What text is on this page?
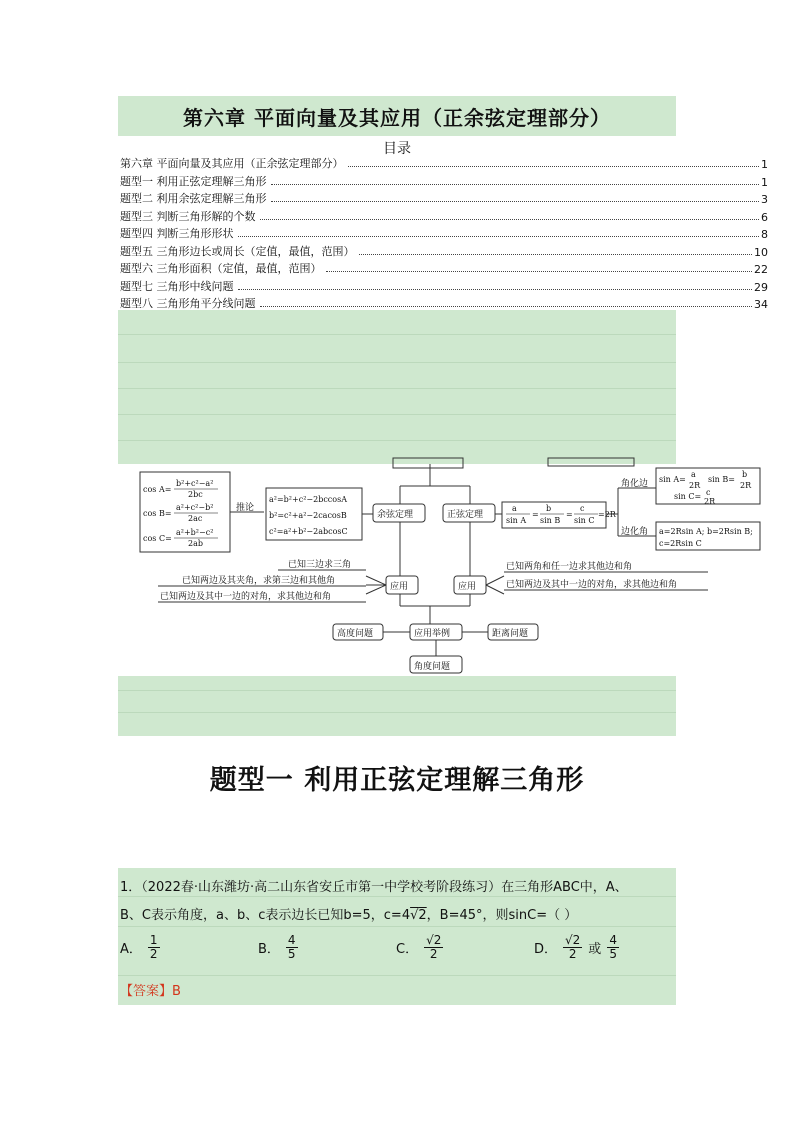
第六章 平面向量及其应用（正余弦定理部分）
目录
第六章 平面向量及其应用（正余弦定理部分）	1
题型一 利用正弦定理解三角形	1
题型二 利用余弦定理解三角形	3
题型三 判断三角形解的个数	6
题型四 判断三角形形状	8
题型五 三角形边长或周长（定值，最值，范围）	10
题型六 三角形面积（定值，最值，范围）	22
题型七 三角形中线问题	29
题型八 三角形角平分线问题	34
cos A=
b²+c²−a²
2bc
cos B=
a²+c²−b²
2ac
cos C=
a²+b²−c²
2ab
推论
a²=b²+c²−2bccosA
b²=c²+a²−2cacosB
c²=a²+b²−2abcosC
余弦定理	正弦定理
a
sin A
=
b
sin B
=
c
sin C
=2R
角化边
边化角
sin A=
a
2R
sin B=
b
2R
sin C= c
2R
a=2Rsin A; b=2Rsin B;
c=2Rsin C
应用	应用
已知三边求三角
已知两边及其夹角，求第三边和其他角
已知两边及其中一边的对角，求其他边和角
已知两角和任一边求其他边和角
已知两边及其中一边的对角，求其他边和角
高度问题	应用举例	距离问题
角度问题
题型一 利用正弦定理解三角形
1．（2022春·山东潍坊·高二山东省安丘市第一中学校考阶段练习）在三角形ABC中，A、
B、C表示角度，a、b、c表示边长已知b=5，c=4√2，B=45°，则sinC=（ ）
A． $\frac{1}{2}$	B． $\frac{4}{5}$	C． $\frac{√2}{2}$	D． $\frac{√2}{2}$ 或 $\frac{4}{5}$
【答案】B
